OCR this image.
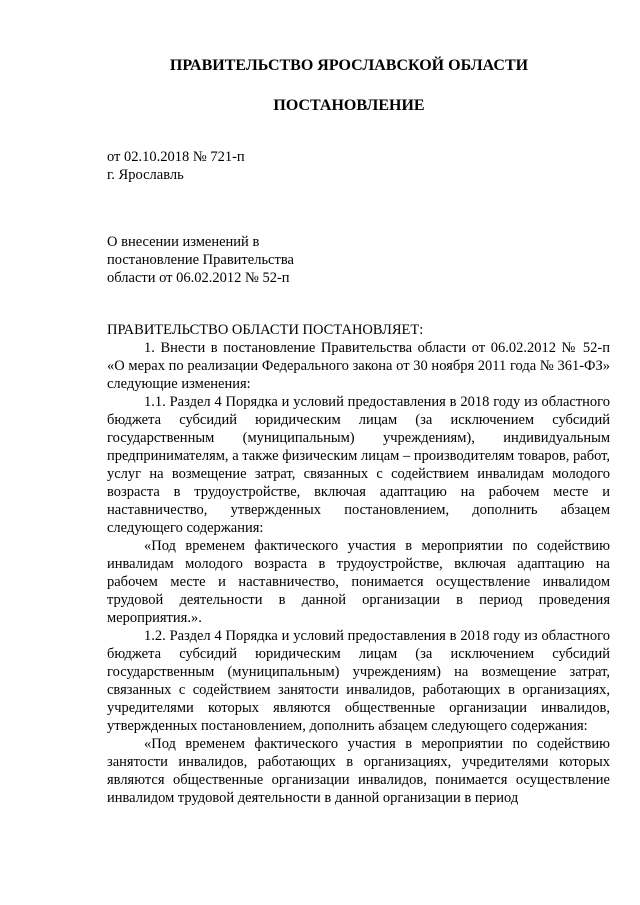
ПРАВИТЕЛЬСТВО ЯРОСЛАВСКОЙ ОБЛАСТИ
ПОСТАНОВЛЕНИЕ
от 02.10.2018 № 721-п
г. Ярославль
О внесении изменений в
постановление Правительства
области от 06.02.2012 № 52-п
ПРАВИТЕЛЬСТВО ОБЛАСТИ ПОСТАНОВЛЯЕТ:

1. Внести в постановление Правительства области от 06.02.2012 № 52-п «О мерах по реализации Федерального закона от 30 ноября 2011 года № 361-ФЗ» следующие изменения:

1.1. Раздел 4 Порядка и условий предоставления в 2018 году из областного бюджета субсидий юридическим лицам (за исключением субсидий государственным (муниципальным) учреждениям), индивидуальным предпринимателям, а также физическим лицам – производителям товаров, работ, услуг на возмещение затрат, связанных с содействием инвалидам молодого возраста в трудоустройстве, включая адаптацию на рабочем месте и наставничество, утвержденных постановлением, дополнить абзацем следующего содержания:

«Под временем фактического участия в мероприятии по содействию инвалидам молодого возраста в трудоустройстве, включая адаптацию на рабочем месте и наставничество, понимается осуществление инвалидом трудовой деятельности в данной организации в период проведения мероприятия.».

1.2. Раздел 4 Порядка и условий предоставления в 2018 году из областного бюджета субсидий юридическим лицам (за исключением субсидий государственным (муниципальным) учреждениям) на возмещение затрат, связанных с содействием занятости инвалидов, работающих в организациях, учредителями которых являются общественные организации инвалидов, утвержденных постановлением, дополнить абзацем следующего содержания:

«Под временем фактического участия в мероприятии по содействию занятости инвалидов, работающих в организациях, учредителями которых являются общественные организации инвалидов, понимается осуществление инвалидом трудовой деятельности в данной организации в период
